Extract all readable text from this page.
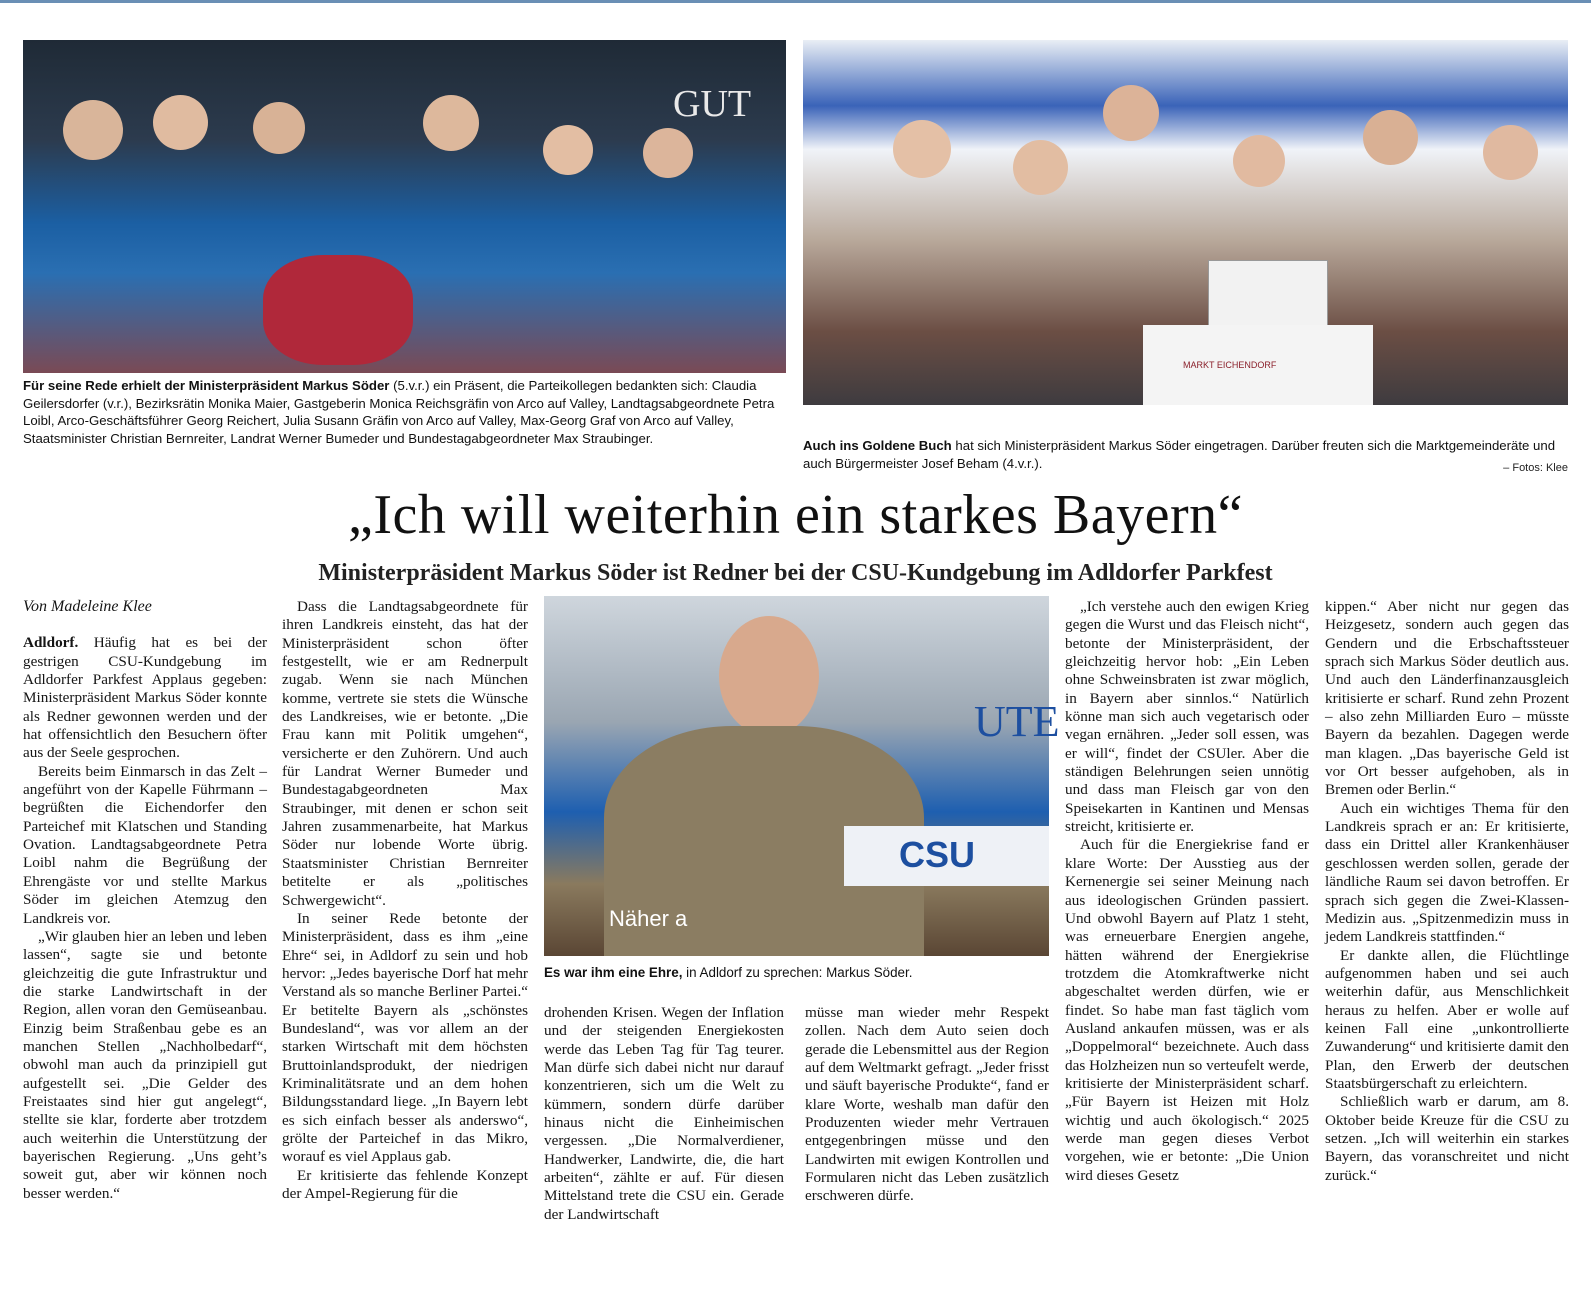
GUT
Für seine Rede erhielt der Ministerpräsident Markus Söder (5.v.r.) ein Präsent, die Parteikollegen bedankten sich: Claudia Geilersdorfer (v.r.), Bezirksrätin Monika Maier, Gastgeberin Monica Reichsgräfin von Arco auf Valley, Landtagsabgeordnete Petra Loibl, Arco-Geschäftsführer Georg Reichert, Julia Susann Gräfin von Arco auf Valley, Max-Georg Graf von Arco auf Valley, Staatsminister Christian Bernreiter, Landrat Werner Bumeder und Bundestagabgeordneter Max Straubinger.
MARKT EICHENDORF
Auch ins Goldene Buch hat sich Ministerpräsident Markus Söder eingetragen. Darüber freuten sich die Marktgemeinderäte und auch Bürgermeister Josef Beham (4.v.r.).	– Fotos: Klee
„Ich will weiterhin ein starkes Bayern“
Ministerpräsident Markus Söder ist Redner bei der CSU-Kundgebung im Adldorfer Parkfest
CSU
Näher a
UTE
Es war ihm eine Ehre, in Adldorf zu sprechen: Markus Söder.

Von Madeleine Klee

Adldorf. Häufig hat es bei der gestrigen CSU-Kundgebung im Adldorfer Parkfest Applaus gegeben: Ministerpräsident Markus Söder konnte als Redner gewonnen werden und der hat offensichtlich den Besuchern öfter aus der Seele gesprochen.

Bereits beim Einmarsch in das Zelt – angeführt von der Kapelle Führmann – begrüßten die Eichendorfer den Parteichef mit Klatschen und Standing Ovation. Landtagsabgeordnete Petra Loibl nahm die Begrüßung der Ehrengäste vor und stellte Markus Söder im gleichen Atemzug den Landkreis vor.

„Wir glauben hier an leben und leben lassen“, sagte sie und betonte gleichzeitig die gute Infrastruktur und die starke Landwirtschaft in der Region, allen voran den Gemüseanbau. Einzig beim Straßenbau gebe es an manchen Stellen „Nachholbedarf“, obwohl man auch da prinzipiell gut aufgestellt sei. „Die Gelder des Freistaates sind hier gut angelegt“, stellte sie klar, forderte aber trotzdem auch weiterhin die Unterstützung der bayerischen Regierung. „Uns geht’s soweit gut, aber wir können noch besser werden.“

Dass die Landtagsabgeordnete für ihren Landkreis einsteht, das hat der Ministerpräsident schon öfter festgestellt, wie er am Rednerpult zugab. Wenn sie nach München komme, vertrete sie stets die Wünsche des Landkreises, wie er betonte. „Die Frau kann mit Politik umgehen“, versicherte er den Zuhörern. Und auch für Landrat Werner Bumeder und Bundestagabgeordneten Max Straubinger, mit denen er schon seit Jahren zusammenarbeite, hat Markus Söder nur lobende Worte übrig. Staatsminister Christian Bernreiter betitelte er als „politisches Schwergewicht“.

In seiner Rede betonte der Ministerpräsident, dass es ihm „eine Ehre“ sei, in Adldorf zu sein und hob hervor: „Jedes bayerische Dorf hat mehr Verstand als so manche Berliner Partei.“ Er betitelte Bayern als „schönstes Bundesland“, was vor allem an der starken Wirtschaft mit dem höchsten Bruttoinlandsprodukt, der niedrigen Kriminalitätsrate und an dem hohen Bildungsstandard liege. „In Bayern lebt es sich einfach besser als anderswo“, grölte der Parteichef in das Mikro, worauf es viel Applaus gab.

Er kritisierte das fehlende Konzept der Ampel-Regierung für die

drohenden Krisen. Wegen der Inflation und der steigenden Energiekosten werde das Leben Tag für Tag teurer. Man dürfe sich dabei nicht nur darauf konzentrieren, sich um die Welt zu kümmern, sondern dürfe darüber hinaus nicht die Einheimischen vergessen. „Die Normalverdiener, Handwerker, Landwirte, die, die hart arbeiten“, zählte er auf. Für diesen Mittelstand trete die CSU ein. Gerade der Landwirtschaft

müsse man wieder mehr Respekt zollen. Nach dem Auto seien doch gerade die Lebensmittel aus der Region auf dem Weltmarkt gefragt. „Jeder frisst und säuft bayerische Produkte“, fand er klare Worte, weshalb man dafür den Produzenten wieder mehr Vertrauen entgegenbringen müsse und den Landwirten mit ewigen Kontrollen und Formularen nicht das Leben zusätzlich erschweren dürfe.

„Ich verstehe auch den ewigen Krieg gegen die Wurst und das Fleisch nicht“, betonte der Ministerpräsident, der gleichzeitig hervor hob: „Ein Leben ohne Schweinsbraten ist zwar möglich, in Bayern aber sinnlos.“ Natürlich könne man sich auch vegetarisch oder vegan ernähren. „Jeder soll essen, was er will“, findet der CSUler. Aber die ständigen Belehrungen seien unnötig und dass man Fleisch gar von den Speisekarten in Kantinen und Mensas streicht, kritisierte er.

Auch für die Energiekrise fand er klare Worte: Der Ausstieg aus der Kernenergie sei seiner Meinung nach aus ideologischen Gründen passiert. Und obwohl Bayern auf Platz 1 steht, was erneuerbare Energien angehe, hätten während der Energiekrise trotzdem die Atomkraftwerke nicht abgeschaltet werden dürfen, wie er findet. So habe man fast täglich vom Ausland ankaufen müssen, was er als „Doppelmoral“ bezeichnete. Auch dass das Holzheizen nun so verteufelt werde, kritisierte der Ministerpräsident scharf. „Für Bayern ist Heizen mit Holz wichtig und auch ökologisch.“ 2025 werde man gegen dieses Verbot vorgehen, wie er betonte: „Die Union wird dieses Gesetz

kippen.“ Aber nicht nur gegen das Heizgesetz, sondern auch gegen das Gendern und die Erbschaftssteuer sprach sich Markus Söder deutlich aus. Und auch den Länderfinanzausgleich kritisierte er scharf. Rund zehn Prozent – also zehn Milliarden Euro – müsste Bayern da bezahlen. Dagegen werde man klagen. „Das bayerische Geld ist vor Ort besser aufgehoben, als in Bremen oder Berlin.“

Auch ein wichtiges Thema für den Landkreis sprach er an: Er kritisierte, dass ein Drittel aller Krankenhäuser geschlossen werden sollen, gerade der ländliche Raum sei davon betroffen. Er sprach sich gegen die Zwei-Klassen-Medizin aus. „Spitzenmedizin muss in jedem Landkreis stattfinden.“

Er dankte allen, die Flüchtlinge aufgenommen haben und sei auch weiterhin dafür, aus Menschlichkeit heraus zu helfen. Aber er wolle auf keinen Fall eine „unkontrollierte Zuwanderung“ und kritisierte damit den Plan, den Erwerb der deutschen Staatsbürgerschaft zu erleichtern.

Schließlich warb er darum, am 8. Oktober beide Kreuze für die CSU zu setzen. „Ich will weiterhin ein starkes Bayern, das voranschreitet und nicht zurück.“
